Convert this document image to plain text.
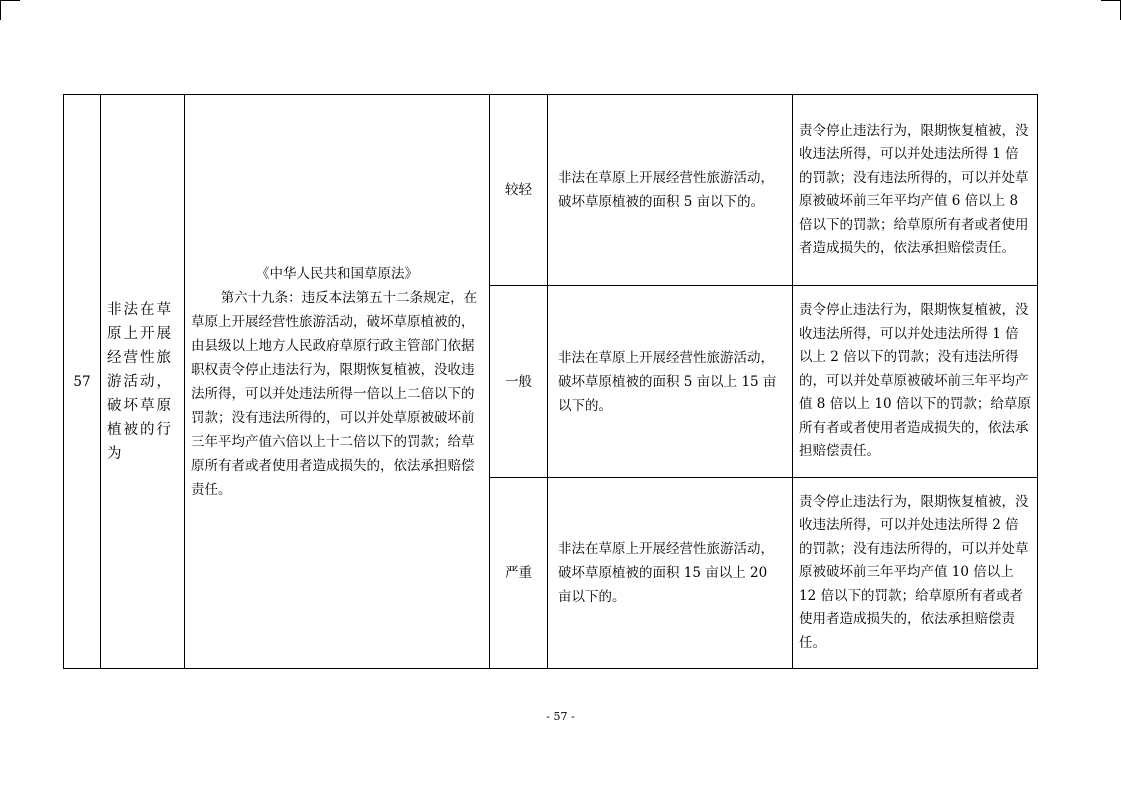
57	非法在草原上开展经营性旅游活动，破坏草原植被的行为	《中华人民共和国草原法》
第六十九条：违反本法第五十二条规定，在草原上开展经营性旅游活动，破坏草原植被的，由县级以上地方人民政府草原行政主管部门依据职权责令停止违法行为，限期恢复植被，没收违法所得，可以并处违法所得一倍以上二倍以下的罚款；没有违法所得的，可以并处草原被破坏前三年平均产值六倍以上十二倍以下的罚款；给草原所有者或者使用者造成损失的，依法承担赔偿责任。	较轻	非法在草原上开展经营性旅游活动，破坏草原植被的面积 5 亩以下的。	责令停止违法行为，限期恢复植被，没收违法所得，可以并处违法所得 1 倍的罚款；没有违法所得的，可以并处草原被破坏前三年平均产值 6 倍以上 8 倍以下的罚款；给草原所有者或者使用者造成损失的，依法承担赔偿责任。
			一般	非法在草原上开展经营性旅游活动，破坏草原植被的面积 5 亩以上 15 亩以下的。	责令停止违法行为，限期恢复植被，没收违法所得，可以并处违法所得 1 倍以上 2 倍以下的罚款；没有违法所得的，可以并处草原被破坏前三年平均产值 8 倍以上 10 倍以下的罚款；给草原所有者或者使用者造成损失的，依法承担赔偿责任。
			严重	非法在草原上开展经营性旅游活动，破坏草原植被的面积 15 亩以上 20 亩以下的。	责令停止违法行为，限期恢复植被，没收违法所得，可以并处违法所得 2 倍的罚款；没有违法所得的，可以并处草原被破坏前三年平均产值 10 倍以上 12 倍以下的罚款；给草原所有者或者使用者造成损失的，依法承担赔偿责任。
- 57 -
